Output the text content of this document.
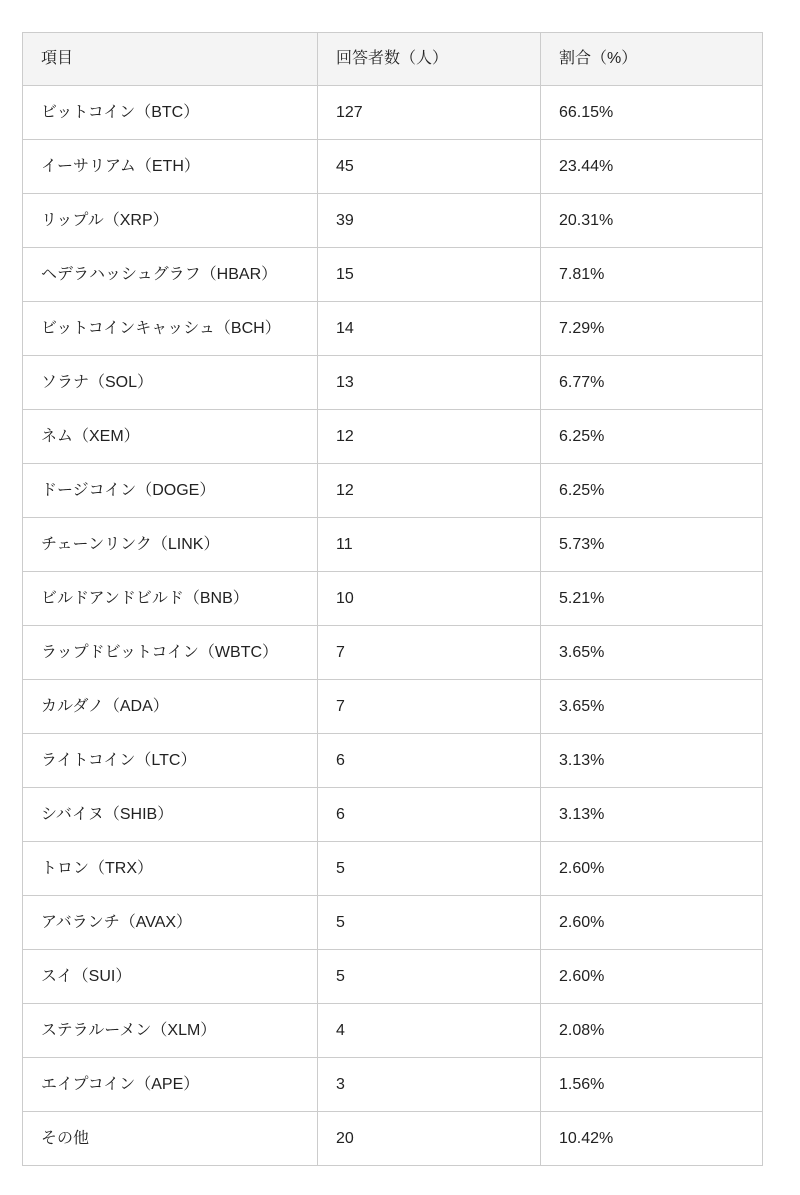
項目	回答者数（人）	割合（%）
ビットコイン（BTC）	127	66.15%
イーサリアム（ETH）	45	23.44%
リップル（XRP）	39	20.31%
ヘデラハッシュグラフ（HBAR）	15	7.81%
ビットコインキャッシュ（BCH）	14	7.29%
ソラナ（SOL）	13	6.77%
ネム（XEM）	12	6.25%
ドージコイン（DOGE）	12	6.25%
チェーンリンク（LINK）	11	5.73%
ビルドアンドビルド（BNB）	10	5.21%
ラップドビットコイン（WBTC）	7	3.65%
カルダノ（ADA）	7	3.65%
ライトコイン（LTC）	6	3.13%
シバイヌ（SHIB）	6	3.13%
トロン（TRX）	5	2.60%
アバランチ（AVAX）	5	2.60%
スイ（SUI）	5	2.60%
ステラルーメン（XLM）	4	2.08%
エイプコイン（APE）	3	1.56%
その他	20	10.42%
